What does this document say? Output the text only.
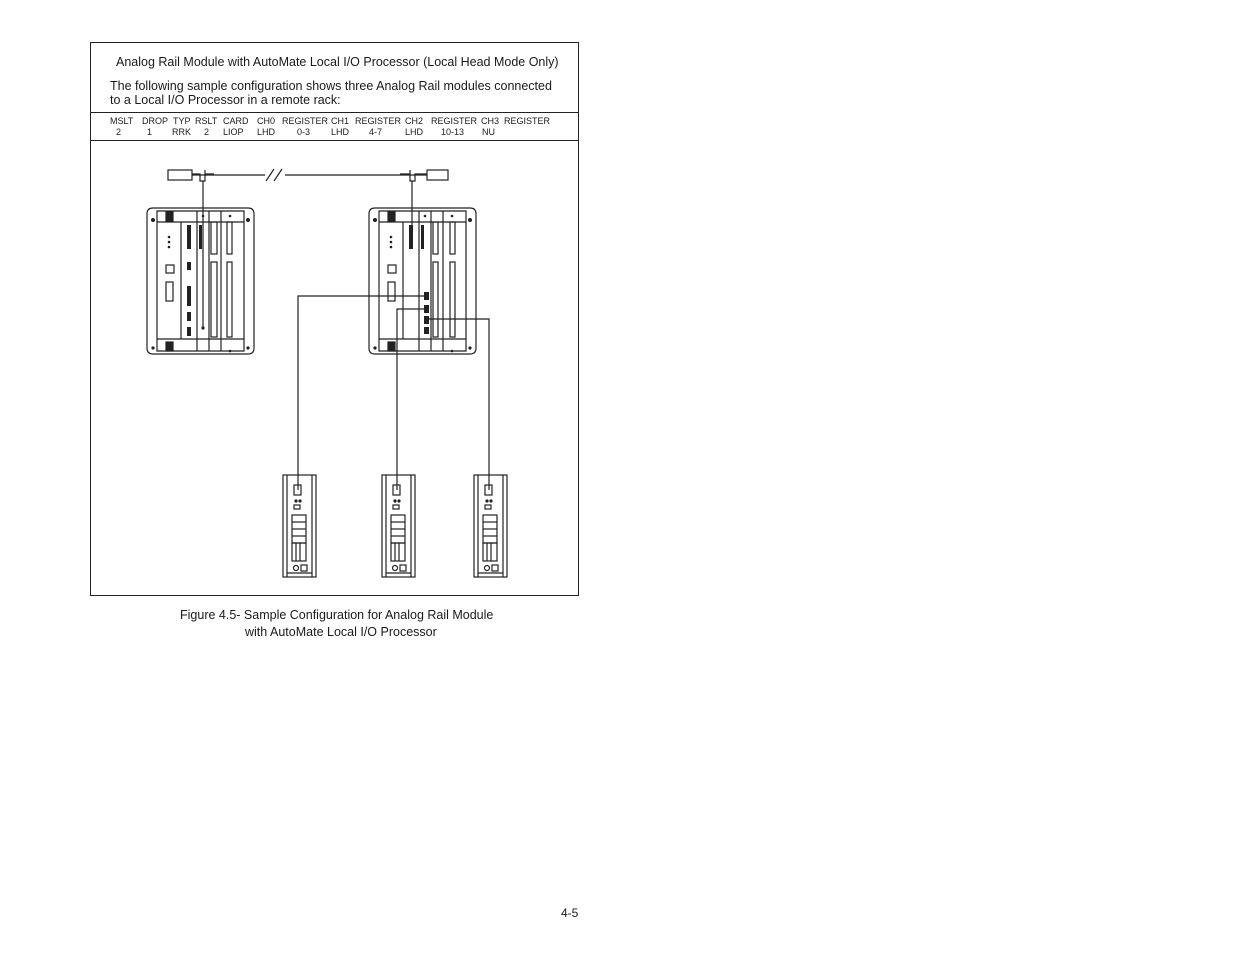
Analog Rail Module with AutoMate Local I/O Processor (Local Head Mode Only)
The following sample configuration shows three Analog Rail modules connected
to a Local I/O Processor in a remote rack:
MSLT DROP TYP RSLT CARD CH0 REGISTER CH1 REGISTER CH2 REGISTER CH3 REGISTER
2	1 RRK 2 LIOP LHD 0-3 LHD 4-7	LHD 10-13 NU
Figure 4.5- Sample Configuration for Analog Rail Module
with AutoMate Local I/O Processor
4-5
